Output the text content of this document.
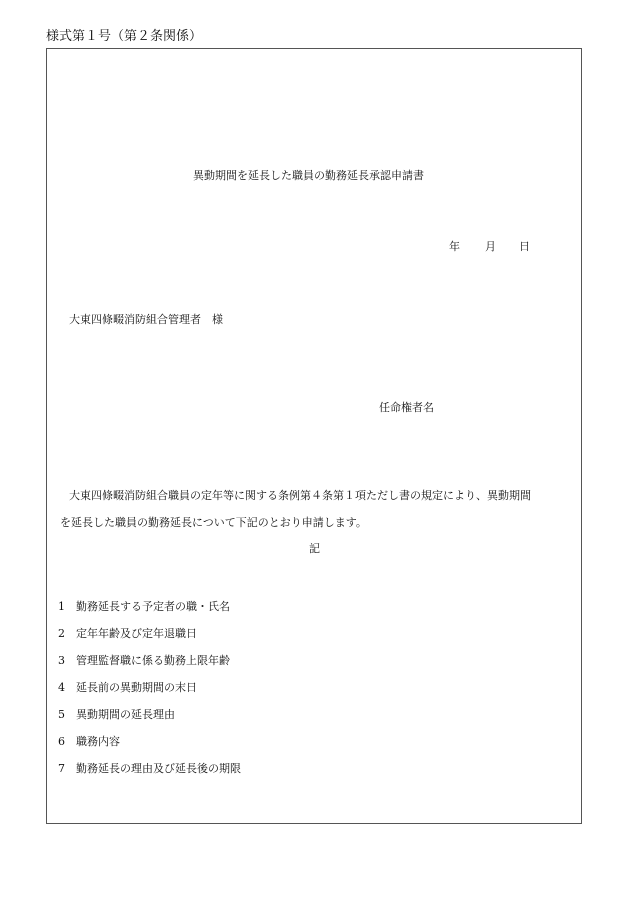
様式第１号（第２条関係）
異動期間を延長した職員の勤務延長承認申請書
年 月 日
大東四條畷消防組合管理者　様
任命権者名
大東四條畷消防組合職員の定年等に関する条例第４条第１項ただし書の規定により、異動期間
を延長した職員の勤務延長について下記のとおり申請します。
記
1 勤務延長する予定者の職・氏名
2 定年年齢及び定年退職日
3 管理監督職に係る勤務上限年齢
4 延長前の異動期間の末日
5 異動期間の延長理由
6 職務内容
7 勤務延長の理由及び延長後の期限
